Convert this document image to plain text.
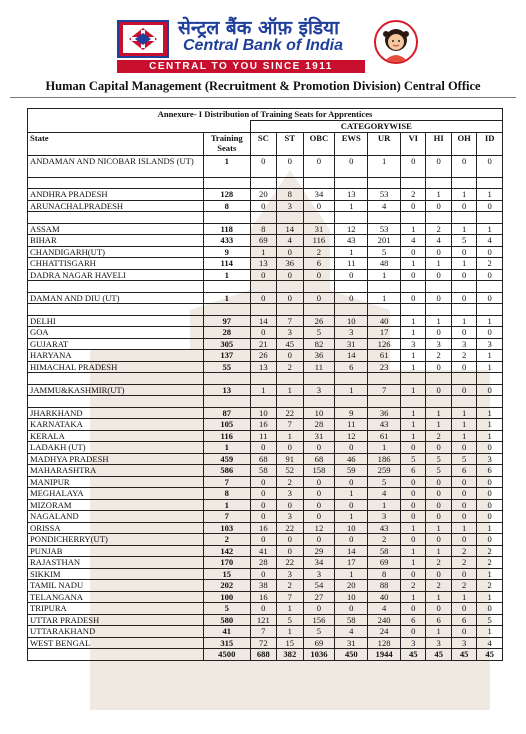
सेन्ट्रल बैंक ऑफ़ इंडिया
Central Bank of India
CENTRAL TO YOU SINCE 1911
Human Capital Management (Recruitment & Promotion Division) Central Office
Annexure- I Distribution of Training Seats for Apprentices										
		CATEGORYWISE								
State	Training Seats	SC	ST	OBC	EWS	UR	VI	HI	OH	ID
ANDAMAN AND NICOBAR ISLANDS (UT)	1	0	0	0	0	1	0	0	0	0

ANDHRA PRADESH	128	20	8	34	13	53	2	1	1	1
ARUNACHALPRADESH	8	0	3	0	1	4	0	0	0	0

ASSAM	118	8	14	31	12	53	1	2	1	1
BIHAR	433	69	4	116	43	201	4	4	5	4
CHANDIGARH(UT)	9	1	0	2	1	5	0	0	0	0
CHHATTISGARH	114	13	36	6	11	48	1	1	1	2
DADRA NAGAR HAVELI	1	0	0	0	0	1	0	0	0	0

DAMAN AND DIU (UT)	1	0	0	0	0	1	0	0	0	0

DELHI	97	14	7	26	10	40	1	1	1	1
GOA	28	0	3	5	3	17	1	0	0	0
GUJARAT	305	21	45	82	31	126	3	3	3	3
HARYANA	137	26	0	36	14	61	1	2	2	1
HIMACHAL PRADESH	55	13	2	11	6	23	1	0	0	1

JAMMU&KASHMIR(UT)	13	1	1	3	1	7	1	0	0	0

JHARKHAND	87	10	22	10	9	36	1	1	1	1
KARNATAKA	105	16	7	28	11	43	1	1	1	1
KERALA	116	11	1	31	12	61	1	2	1	1
LADAKH (UT)	1	0	0	0	0	1	0	0	0	0
MADHYA PRADESH	459	68	91	68	46	186	5	5	5	3
MAHARASHTRA	586	58	52	158	59	259	6	5	6	6
MANIPUR	7	0	2	0	0	5	0	0	0	0
MEGHALAYA	8	0	3	0	1	4	0	0	0	0
MIZORAM	1	0	0	0	0	1	0	0	0	0
NAGALAND	7	0	3	0	1	3	0	0	0	0
ORISSA	103	16	22	12	10	43	1	1	1	1
PONDICHERRY(UT)	2	0	0	0	0	2	0	0	0	0
PUNJAB	142	41	0	29	14	58	1	1	2	2
RAJASTHAN	170	28	22	34	17	69	1	2	2	2
SIKKIM	15	0	3	3	1	8	0	0	0	1
TAMIL NADU	202	38	2	54	20	88	2	2	2	2
TELANGANA	100	16	7	27	10	40	1	1	1	1
TRIPURA	5	0	1	0	0	4	0	0	0	0
UTTAR PRADESH	580	121	5	156	58	240	6	6	6	5
UTTARAKHAND	41	7	1	5	4	24	0	1	0	1
WEST BENGAL	315	72	15	69	31	128	3	3	3	4
	4500	688	382	1036	450	1944	45	45	45	45
